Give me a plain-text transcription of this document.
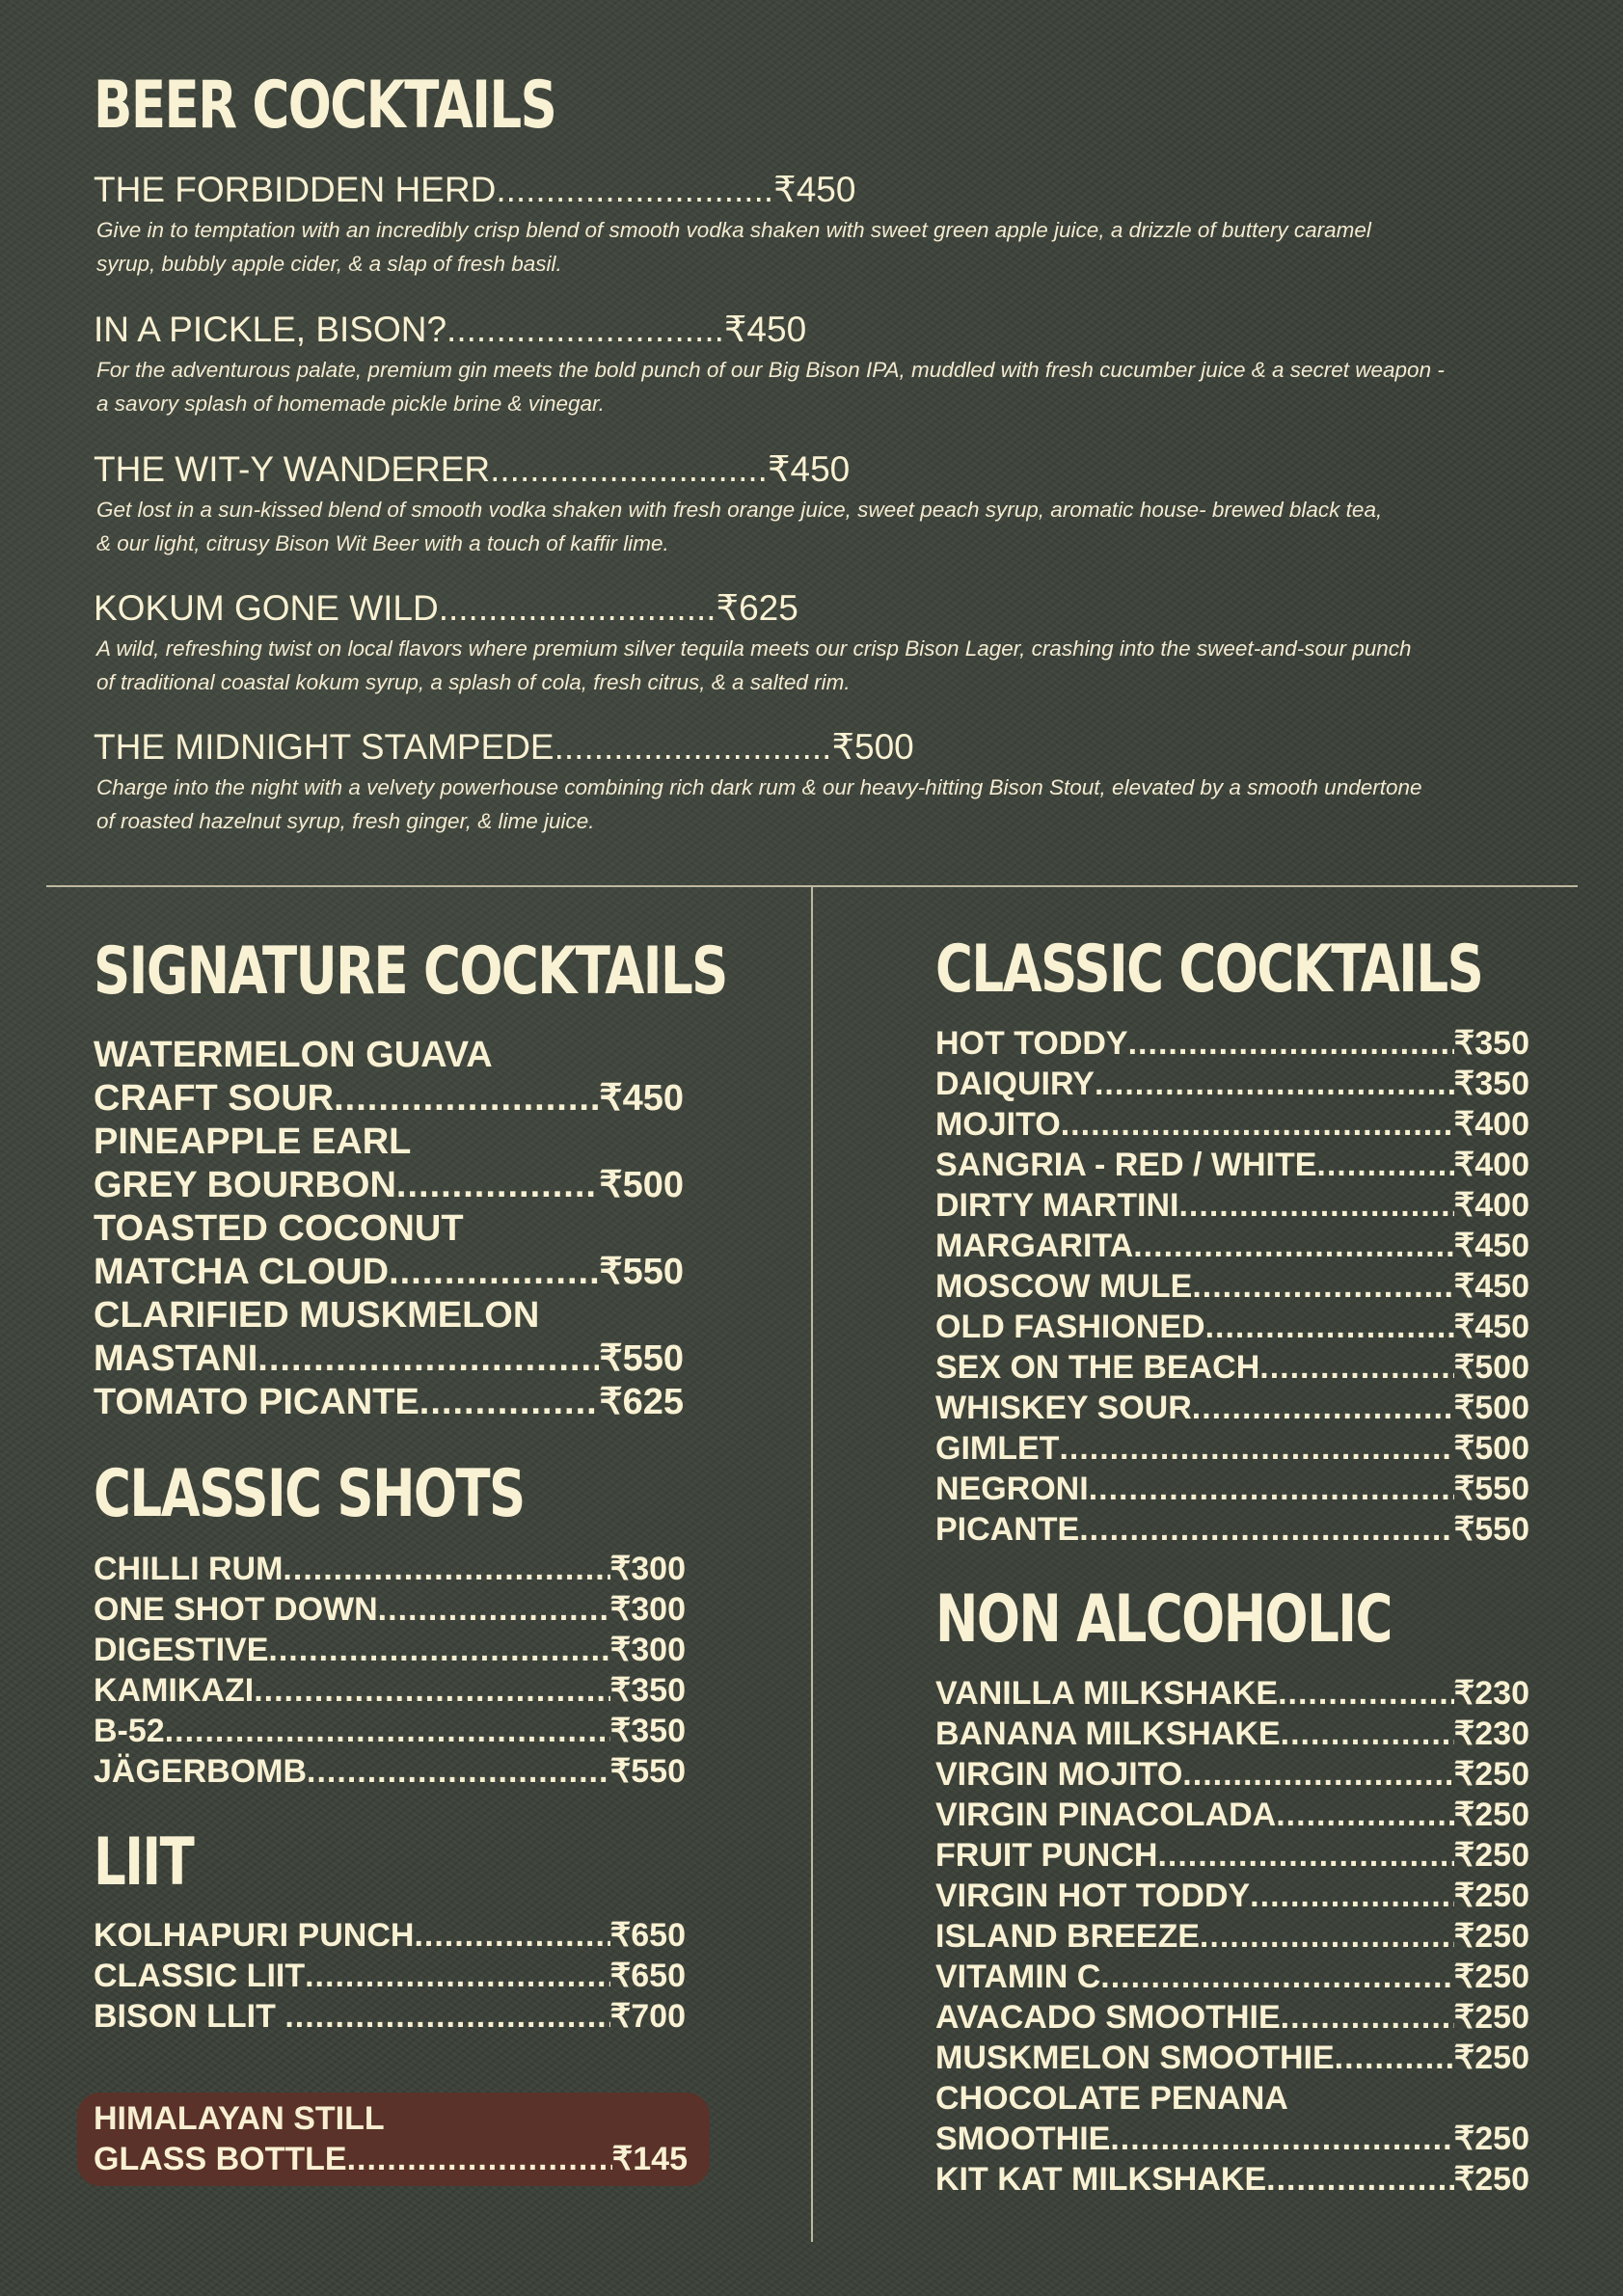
BEER COCKTAILS
THE FORBIDDEN HERD............................₹450
Give in to temptation with an incredibly crisp blend of smooth vodka shaken with sweet green apple juice, a drizzle of buttery caramel
syrup, bubbly apple cider, & a slap of fresh basil.
IN A PICKLE, BISON?............................₹450
For the adventurous palate, premium gin meets the bold punch of our Big Bison IPA, muddled with fresh cucumber juice & a secret weapon -
a savory splash of homemade pickle brine & vinegar.
THE WIT-Y WANDERER............................₹450
Get lost in a sun-kissed blend of smooth vodka shaken with fresh orange juice, sweet peach syrup, aromatic house- brewed black tea,
& our light, citrusy Bison Wit Beer with a touch of kaffir lime.
KOKUM GONE WILD............................₹625
A wild, refreshing twist on local flavors where premium silver tequila meets our crisp Bison Lager, crashing into the sweet-and-sour punch
of traditional coastal kokum syrup, a splash of cola, fresh citrus, & a salted rim.
THE MIDNIGHT STAMPEDE............................₹500
Charge into the night with a velvety powerhouse combining rich dark rum & our heavy-hitting Bison Stout, elevated by a smooth undertone
of roasted hazelnut syrup, fresh ginger, & lime juice.
SIGNATURE COCKTAILS
WATERMELON GUAVA
CRAFT SOUR .....	₹450
PINEAPPLE EARL
GREY BOURBON .....	₹500
TOASTED COCONUT
MATCHA CLOUD .....	₹550
CLARIFIED MUSKMELON
MASTANI .....	₹550
TOMATO PICANTE .....	₹625
CLASSIC SHOTS
CHILLI RUM .....	₹300
ONE SHOT DOWN .....	₹300
DIGESTIVE .....	₹300
KAMIKAZI .....	₹350
B-52 .....	₹350
JÄGERBOMB .....	₹550
LIIT
KOLHAPURI PUNCH .....	₹650
CLASSIC LIIT .....	₹650
BISON LLIT .....	₹700
HIMALAYAN STILL
GLASS BOTTLE .....	₹145
CLASSIC COCKTAILS
HOT TODDY .....	₹350
DAIQUIRY .....	₹350
MOJITO .....	₹400
SANGRIA - RED / WHITE .....	₹400
DIRTY MARTINI .....	₹400
MARGARITA .....	₹450
MOSCOW MULE .....	₹450
OLD FASHIONED .....	₹450
SEX ON THE BEACH .....	₹500
WHISKEY SOUR .....	₹500
GIMLET .....	₹500
NEGRONI .....	₹550
PICANTE .....	₹550
NON ALCOHOLIC
VANILLA MILKSHAKE .....	₹230
BANANA MILKSHAKE .....	₹230
VIRGIN MOJITO .....	₹250
VIRGIN PINACOLADA .....	₹250
FRUIT PUNCH .....	₹250
VIRGIN HOT TODDY .....	₹250
ISLAND BREEZE .....	₹250
VITAMIN C .....	₹250
AVACADO SMOOTHIE .....	₹250
MUSKMELON SMOOTHIE .....	₹250
CHOCOLATE PENANA
SMOOTHIE .....	₹250
KIT KAT MILKSHAKE .....	₹250
